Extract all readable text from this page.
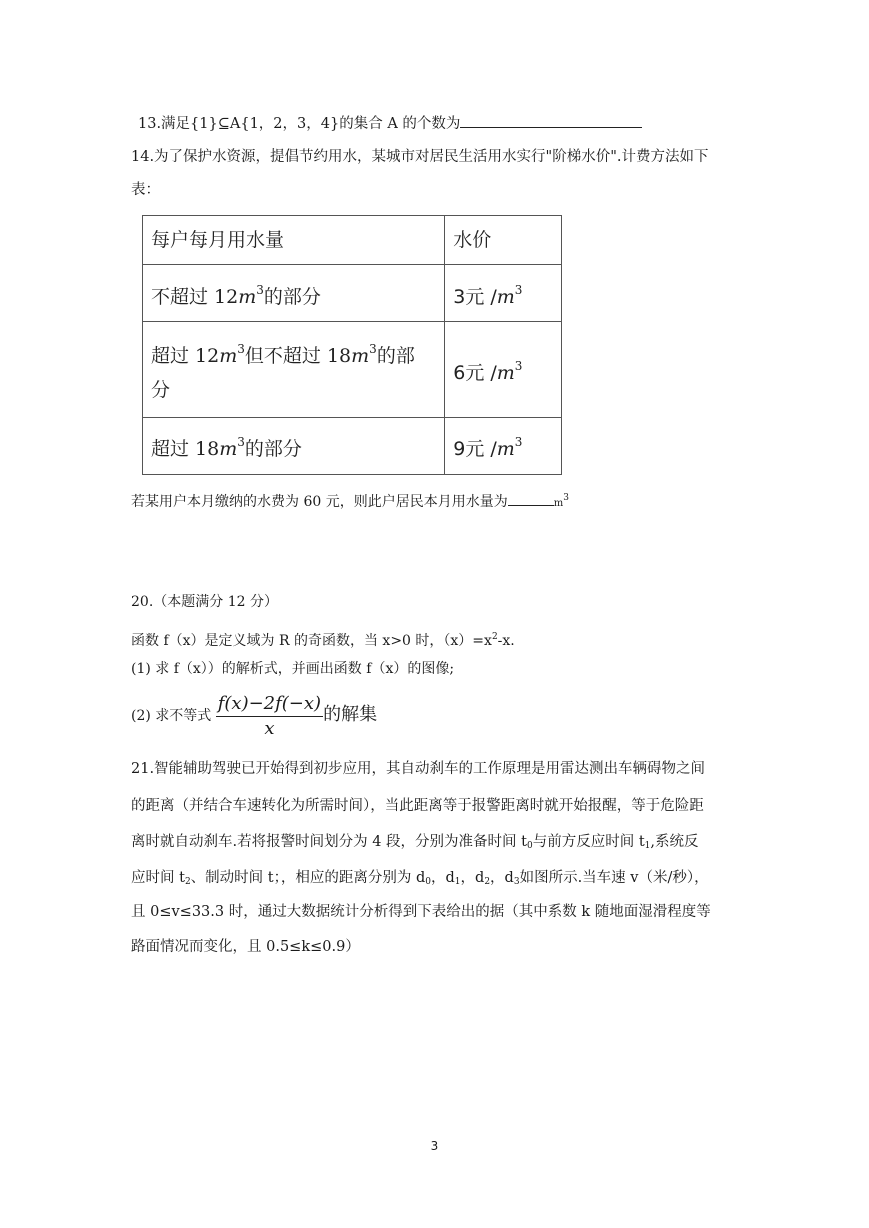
13.满足{1}⊆A{1，2，3，4}的集合 A 的个数为
14.为了保护水资源，提倡节约用水，某城市对居民生活用水实行"阶梯水价".计费方法如下
表：
每户每月用水量	水价
不超过 $12m^3$的部分	3元 $/m^3$
超过 $12m^3$但不超过 $18m^3$的部
分	6元 $/m^3$
超过 $18m^3$的部分	9元 $/m^3$
若某用户本月缴纳的水费为 60 元，则此户居民本月用水量为	$m^3$
20.（本题满分 12 分）
函数 f（x）是定义域为 R 的奇函数，当 x>0 时，$(x)=x^2-x$.
(1) 求 f（x））的解析式，并画出函数 f（x）的图像;
(2) 求不等式 $\frac{f(x)-2f(-x)}{x}$ 的解集
21.智能辅助驾驶已开始得到初步应用，其自动刹车的工作原理是用雷达测出车辆碍物之间
的距离（并结合车速转化为所需时间），当此距离等于报警距离时就开始报醒，等于危险距
离时就自动刹车.若将报警时间划分为 4 段，分别为准备时间 $t_0$与前方反应时间 $t_1$,系统反
应时间 $t_2$、制动时间 t；，相应的距离分别为 $d_0$，$d_1$，$d_2$，$d_3$如图所示.当车速 v（米/秒），
且 0≤v≤33.3 时，通过大数据统计分析得到下表给出的据（其中系数 k 随地面湿滑程度等
路面情况而变化，且 0.5≤k≤0.9）
3
